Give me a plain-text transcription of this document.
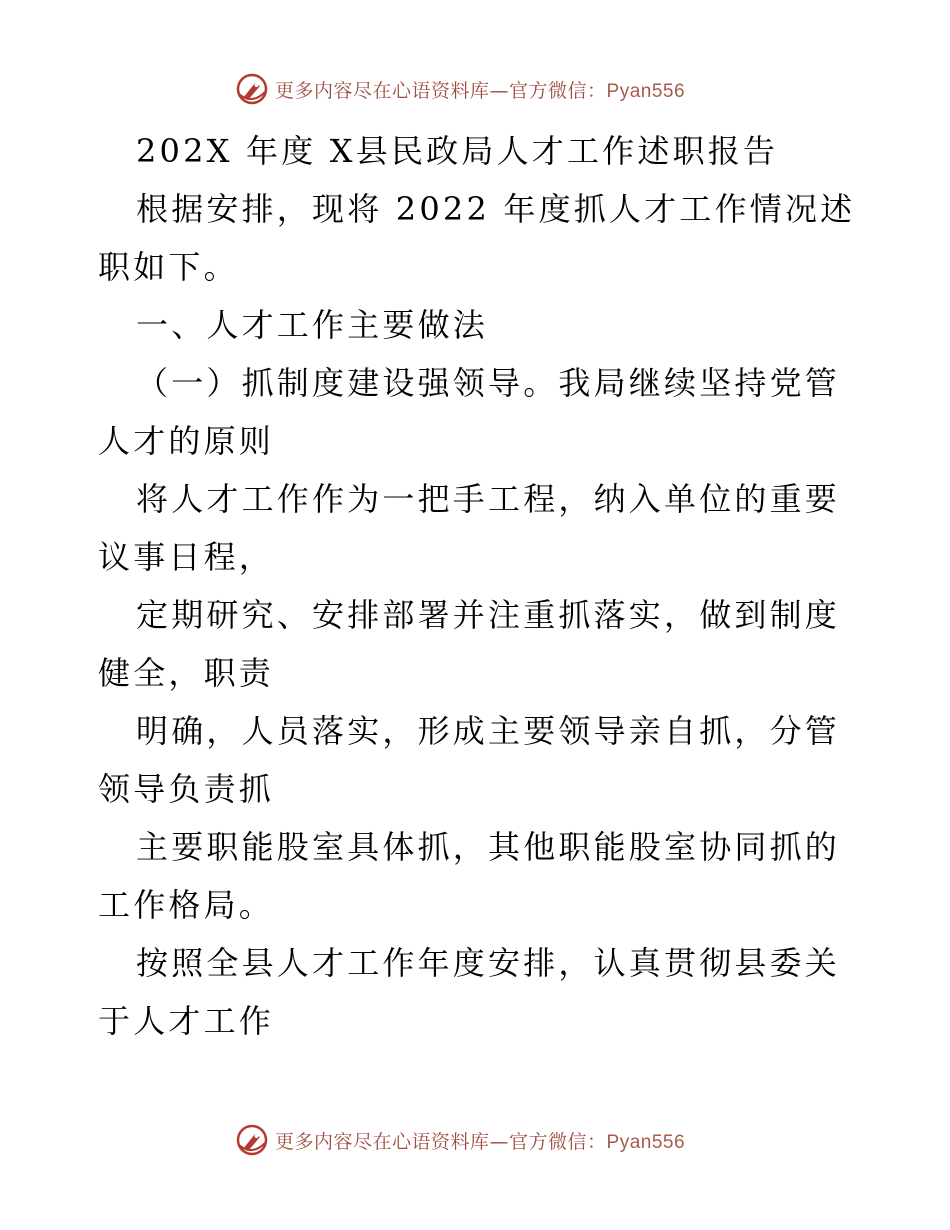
更多内容尽在心语资料库—官方微信：Pyan556

202X 年度 X县民政局人才工作述职报告

根据安排，现将 2022 年度抓人才工作情况述职如下。

一、人才工作主要做法

（一）抓制度建设强领导。我局继续坚持党管人才的原则

将人才工作作为一把手工程，纳入单位的重要议事日程，

定期研究、安排部署并注重抓落实，做到制度健全，职责

明确，人员落实，形成主要领导亲自抓，分管领导负责抓

主要职能股室具体抓，其他职能股室协同抓的工作格局。

按照全县人才工作年度安排，认真贯彻县委关于人才工作

更多内容尽在心语资料库—官方微信：Pyan556
